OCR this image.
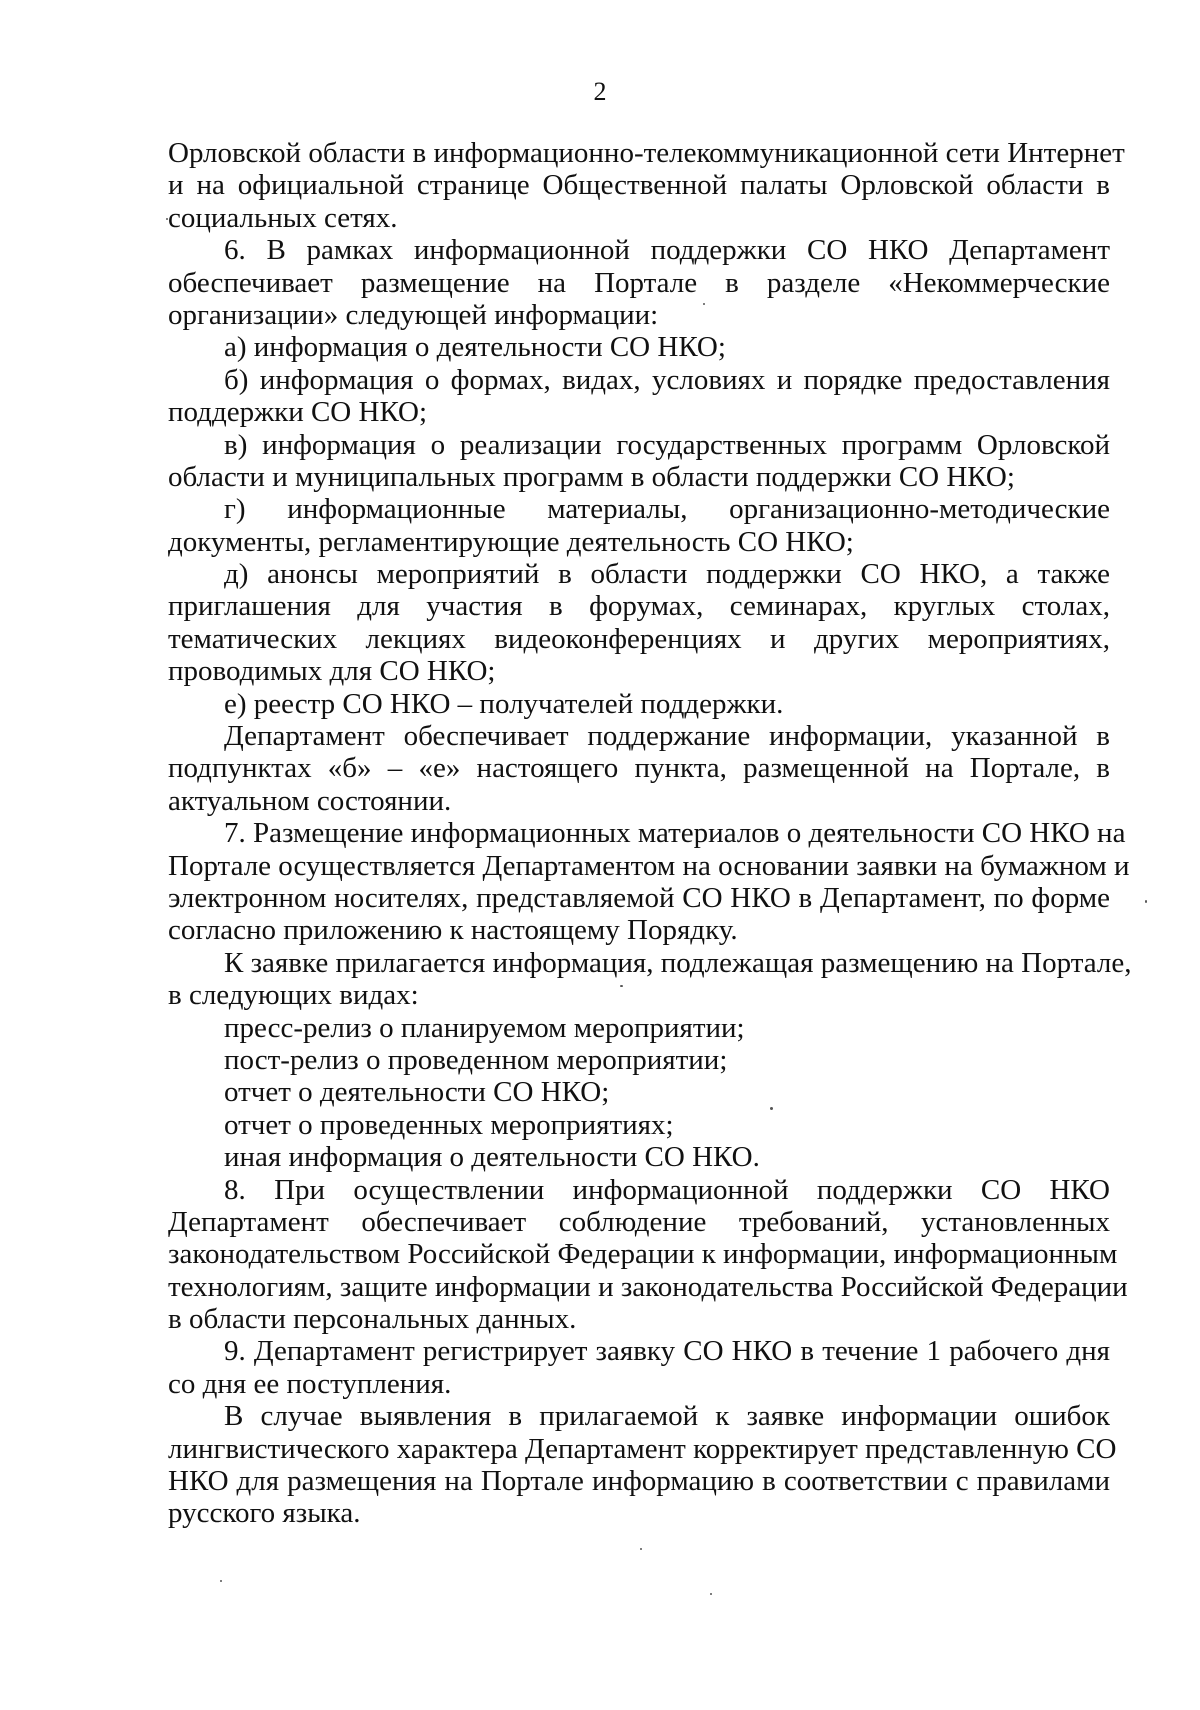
2
Орловской области в информационно-телекоммуникационной сети Интернет
и на официальной странице Общественной палаты Орловской области в
социальных сетях.
6. В рамках информационной поддержки СО НКО Департамент
обеспечивает размещение на Портале в разделе «Некоммерческие
организации» следующей информации:
а) информация о деятельности СО НКО;
б) информация о формах, видах, условиях и порядке предоставления
поддержки СО НКО;
в) информация о реализации государственных программ Орловской
области и муниципальных программ в области поддержки СО НКО;
г) информационные материалы, организационно-методические
документы, регламентирующие деятельность СО НКО;
д) анонсы мероприятий в области поддержки СО НКО, а также
приглашения для участия в форумах, семинарах, круглых столах,
тематических лекциях видеоконференциях и других мероприятиях,
проводимых для СО НКО;
е) реестр СО НКО – получателей поддержки.
Департамент обеспечивает поддержание информации, указанной в
подпунктах «б» – «е» настоящего пункта, размещенной на Портале, в
актуальном состоянии.
7. Размещение информационных материалов о деятельности СО НКО на
Портале осуществляется Департаментом на основании заявки на бумажном и
электронном носителях, представляемой СО НКО в Департамент, по форме
согласно приложению к настоящему Порядку.
К заявке прилагается информация, подлежащая размещению на Портале,
в следующих видах:
пресс-релиз о планируемом мероприятии;
пост-релиз о проведенном мероприятии;
отчет о деятельности СО НКО;
отчет о проведенных мероприятиях;
иная информация о деятельности СО НКО.
8. При осуществлении информационной поддержки СО НКО
Департамент обеспечивает соблюдение требований, установленных
законодательством Российской Федерации к информации, информационным
технологиям, защите информации и законодательства Российской Федерации
в области персональных данных.
9. Департамент регистрирует заявку СО НКО в течение 1 рабочего дня
со дня ее поступления.
В случае выявления в прилагаемой к заявке информации ошибок
лингвистического характера Департамент корректирует представленную СО
НКО для размещения на Портале информацию в соответствии с правилами
русского языка.
